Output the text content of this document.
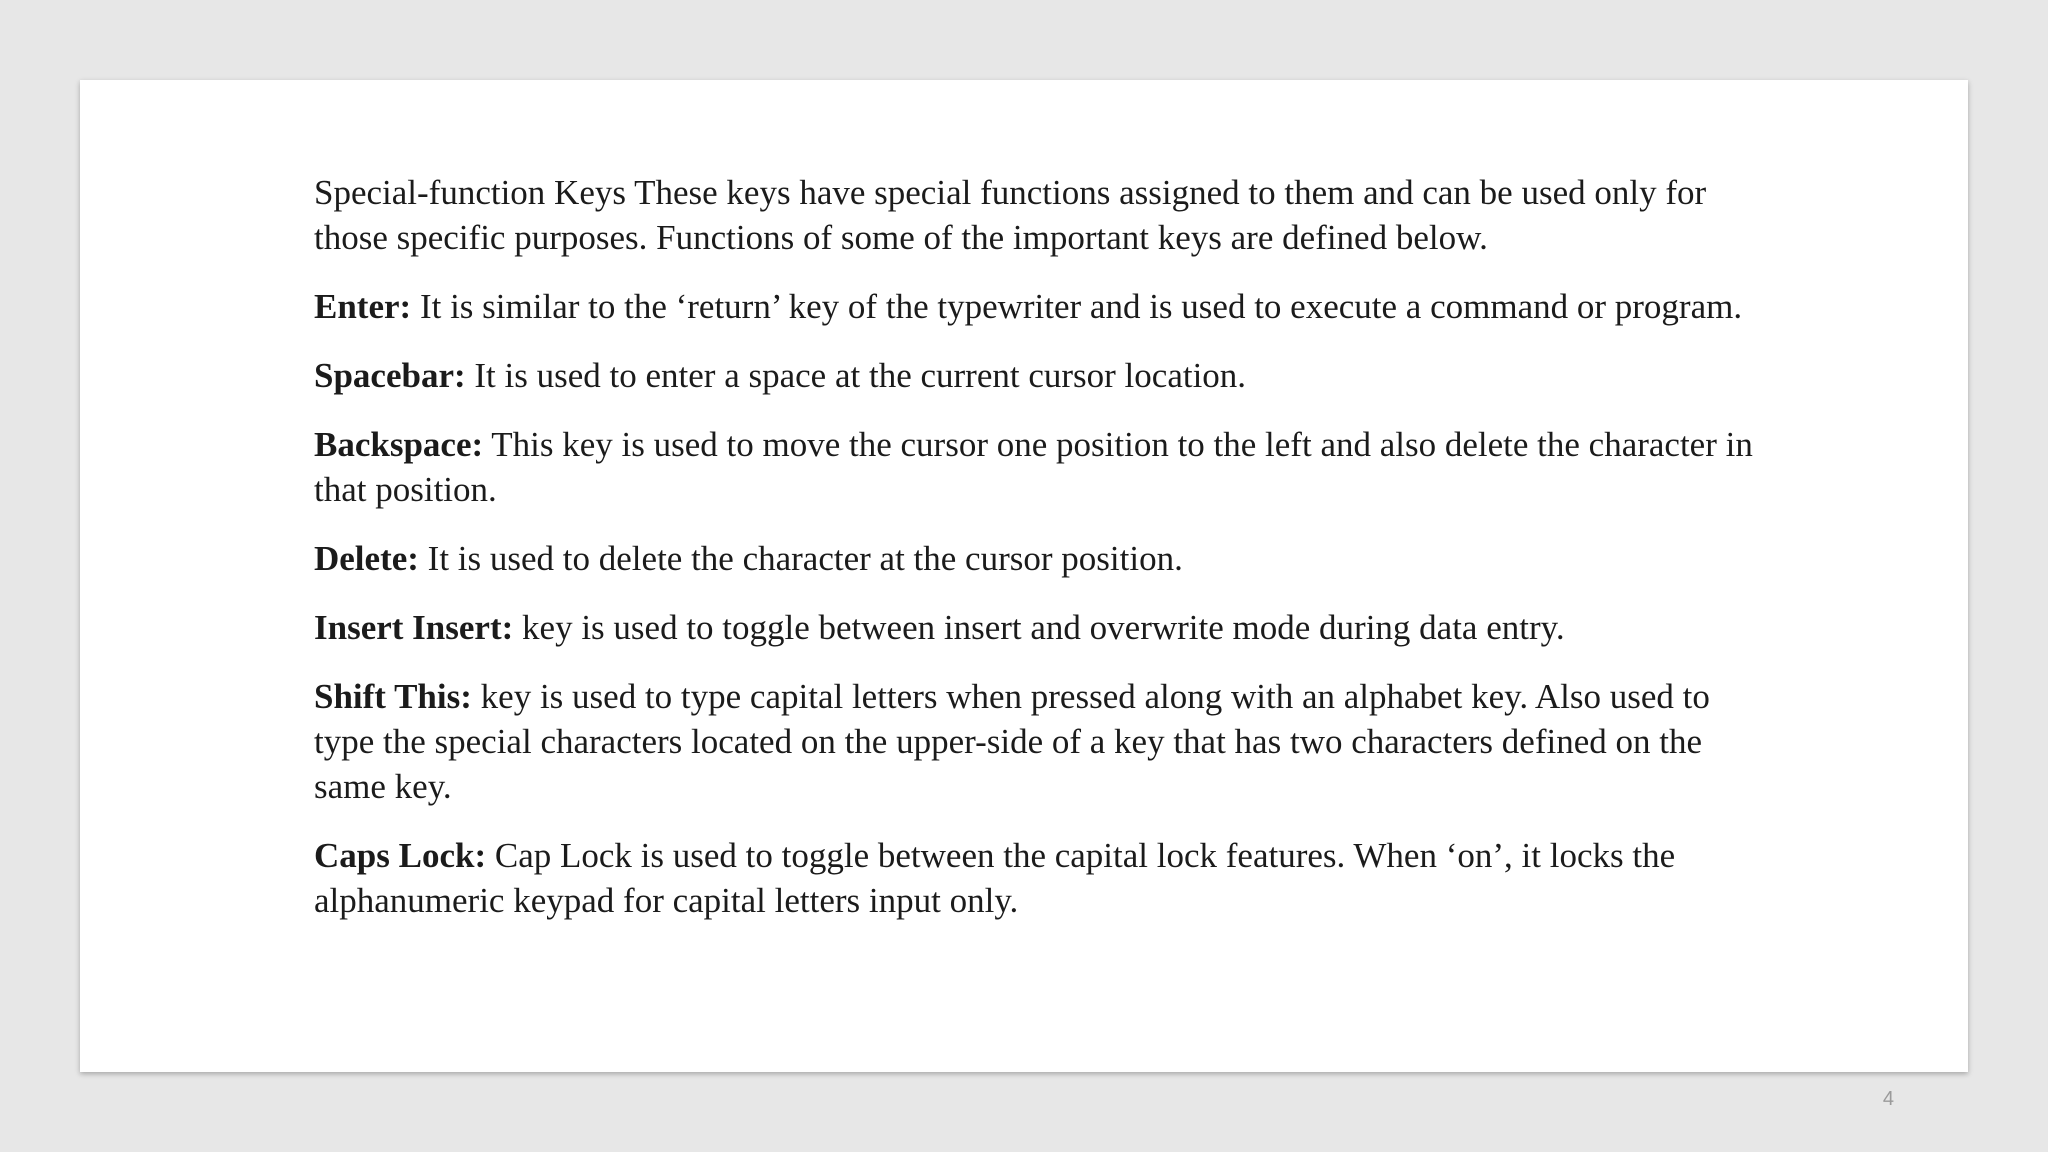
Special-function Keys These keys have special functions assigned to them and can be used only for those specific purposes. Functions of some of the important keys are defined below.

Enter: It is similar to the ‘return’ key of the typewriter and is used to execute a command or program.

Spacebar: It is used to enter a space at the current cursor location.

Backspace: This key is used to move the cursor one position to the left and also delete the character in that position.

Delete: It is used to delete the character at the cursor position.

Insert Insert: key is used to toggle between insert and overwrite mode during data entry.

Shift This: key is used to type capital letters when pressed along with an alphabet key. Also used to type the special characters located on the upper-side of a key that has two characters defined on the same key.

Caps Lock: Cap Lock is used to toggle between the capital lock features. When ‘on’, it locks the alphanumeric keypad for capital letters input only.

4
